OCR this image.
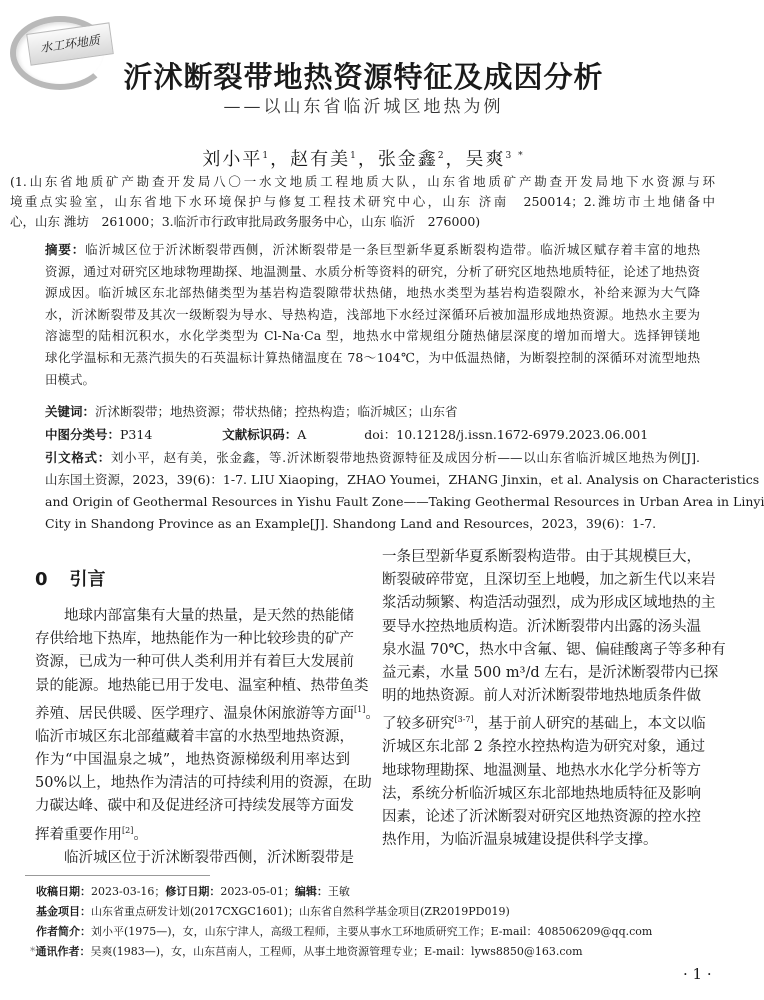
水工环地质
沂沭断裂带地热资源特征及成因分析
——以山东省临沂城区地热为例
刘小平$^1$，赵有美$^1$，张金鑫$^2$，吴爽$^{3 *}$
(1.山东省地质矿产勘查开发局八〇一水文地质工程地质大队，山东省地质矿产勘查开发局地下水资源与环
境重点实验室，山东省地下水环境保护与修复工程技术研究中心，山东 济南　250014；2.潍坊市土地储备中
心，山东 潍坊　261000；3.临沂市行政审批局政务服务中心，山东 临沂　276000)
摘要：临沂城区位于沂沭断裂带西侧，沂沭断裂带是一条巨型新华夏系断裂构造带。临沂城区赋存着丰富的地热
资源，通过对研究区地球物理勘探、地温测量、水质分析等资料的研究，分析了研究区地热地质特征，论述了地热资
源成因。临沂城区东北部热储类型为基岩构造裂隙带状热储，地热水类型为基岩构造裂隙水，补给来源为大气降
水，沂沭断裂带及其次一级断裂为导水、导热构造，浅部地下水经过深循环后被加温形成地热资源。地热水主要为
溶滤型的陆相沉积水，水化学类型为 Cl-Na·Ca 型，地热水中常规组分随热储层深度的增加而增大。选择钾镁地
球化学温标和无蒸汽损失的石英温标计算热储温度在 78～104℃，为中低温热储，为断裂控制的深循环对流型地热
田模式。
关键词：沂沭断裂带；地热资源；带状热储；控热构造；临沂城区；山东省
中图分类号：P314	文献标识码：A	doi：10.12128/j.issn.1672-6979.2023.06.001
引文格式：刘小平，赵有美，张金鑫，等.沂沭断裂带地热资源特征及成因分析——以山东省临沂城区地热为例[J].
山东国土资源，2023，39(6)：1-7. LIU Xiaoping，ZHAO Youmei，ZHANG Jinxin，et al. Analysis on Characteristics
and Origin of Geothermal Resources in Yishu Fault Zone——Taking Geothermal Resources in Urban Area in Linyi
City in Shandong Province as an Example[J]. Shandong Land and Resources，2023，39(6)：1-7.
0 引言
地球内部富集有大量的热量，是天然的热能储
存供给地下热库，地热能作为一种比较珍贵的矿产
资源，已成为一种可供人类利用并有着巨大发展前
景的能源。地热能已用于发电、温室种植、热带鱼类
养殖、居民供暖、医学理疗、温泉休闲旅游等方面[1]。
临沂市城区东北部蕴藏着丰富的水热型地热资源，
作为“中国温泉之城”，地热资源梯级利用率达到
50%以上，地热作为清洁的可持续利用的资源，在助
力碳达峰、碳中和及促进经济可持续发展等方面发
挥着重要作用[2]。
临沂城区位于沂沭断裂带西侧，沂沭断裂带是
一条巨型新华夏系断裂构造带。由于其规模巨大，
断裂破碎带宽，且深切至上地幔，加之新生代以来岩
浆活动频繁、构造活动强烈，成为形成区域地热的主
要导水控热地质构造。沂沭断裂带内出露的汤头温
泉水温 70℃，热水中含氟、锶、偏硅酸离子等多种有
益元素，水量 500 m³/d 左右，是沂沭断裂带内已探
明的地热资源。前人对沂沭断裂带地热地质条件做
了较多研究[3-7]，基于前人研究的基础上，本文以临
沂城区东北部 2 条控水控热构造为研究对象，通过
地球物理勘探、地温测量、地热水水化学分析等方
法，系统分析临沂城区东北部地热地质特征及影响
因素，论述了沂沭断裂对研究区地热资源的控水控
热作用，为临沂温泉城建设提供科学支撑。
收稿日期：2023-03-16；修订日期：2023-05-01；编辑：王敏
基金项目：山东省重点研发计划(2017CXGC1601)；山东省自然科学基金项目(ZR2019PD019)
作者简介：刘小平(1975—)，女，山东宁津人，高级工程师，主要从事水工环地质研究工作；E-mail：408506209@qq.com
*通讯作者：吴爽(1983—)，女，山东莒南人，工程师，从事土地资源管理专业；E-mail：lyws8850@163.com
· 1 ·
